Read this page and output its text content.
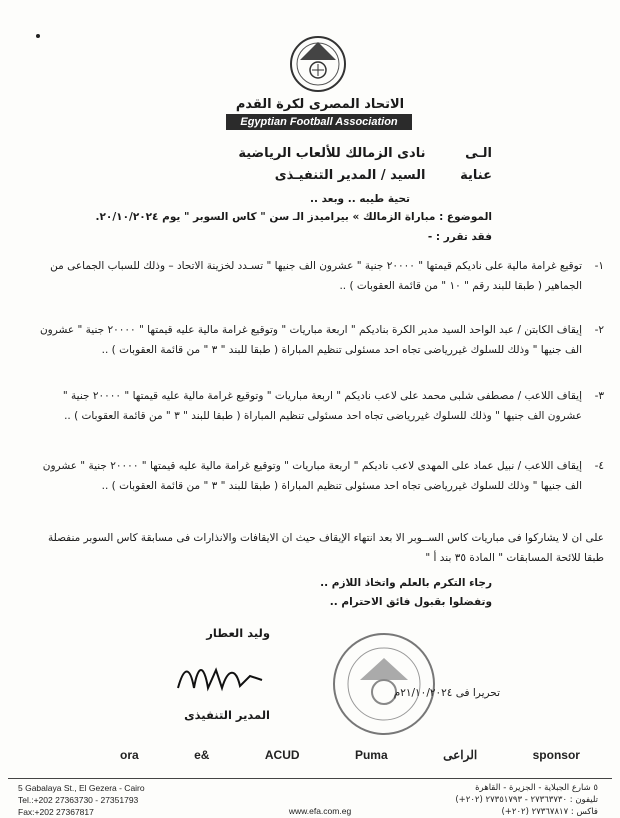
الاتحاد المصرى لكرة القدم
Egyptian Football Association
الـى نادى الزمالك للألعاب الرياضية
عناية السيد / المدير التنفيـذى
تحية طيبه .. وبعد ..
الموضوع : مباراة الزمالك » بيراميدز الـ سن " كاس السوبر " يوم ٢٠/١٠/٢٠٢٤.
فقد تقرر : -
١-
توقيع غرامة مالية على ناديكم قيمتها " ٢٠٠٠٠ جنية " عشرون الف جنيها " تسـدد لخزينة الاتحاد – وذلك للسباب الجماعى من الجماهير ( طبقا للبند رقم " ١٠ " من قائمة العقوبات ) ..
٢-
إيقاف الكابتن / عبد الواحد السيد مدير الكرة بناديكم " اربعة مباريات " وتوقيع غرامة مالية عليه قيمتها " ٢٠٠٠٠ جنية " عشرون الف جنيها " وذلك للسلوك غيررياضى تجاه احد مسئولى تنظيم المباراة ( طبقا للبند " ٣ " من قائمة العقوبات ) ..
٣-
إيقاف اللاعب / مصطفى شلبى محمد على لاعب ناديكم " اربعة مباريات " وتوقيع غرامة مالية عليه قيمتها " ٢٠٠٠٠ جنية " عشرون الف جنيها " وذلك للسلوك غيررياضى تجاه احد مسئولى تنظيم المباراة ( طبقا للبند " ٣ " من قائمة العقوبات ) ..
٤-
إيقاف اللاعب / نبيل عماد على المهدى لاعب ناديكم " اربعة مباريات " وتوقيع غرامة مالية عليه قيمتها " ٢٠٠٠٠ جنية " عشرون الف جنيها " وذلك للسلوك غيررياضى تجاه احد مسئولى تنظيم المباراة ( طبقا للبند " ٣ " من قائمة العقوبات ) ..
على ان لا يشاركوا فى مباريات كاس الســوبر الا بعد انتهاء الإيقاف حيث ان الايقافات والانذارات فى مسابقة كاس السوبر منفصلة طبقا للائحة المسابقات " المادة ٣٥ بند أ "
رجاء التكرم بالعلم واتخاذ اللازم ..
وتفضلوا بقبول فائق الاحترام ..
وليد العطار
تحريرا فى ٢١/١٠/٢٠٢٤م
المدير التنفيذى
ora	e&	ACUD	Puma	الراعى	sponsor
5 Gabalaya St., El Gezera - Cairo
Tel.:+202 27363730 - 27351793
Fax:+202 27367817	www.efa.com.eg
٥ شارع الجبلاية - الجزيرة - القاهرة
تليفون : ٢٧٣٦٣٧٣٠ - ٢٧٣٥١٧٩٣ (٢٠٢+)
فاكس : ٢٧٣٦٧٨١٧ (٢٠٢+)
